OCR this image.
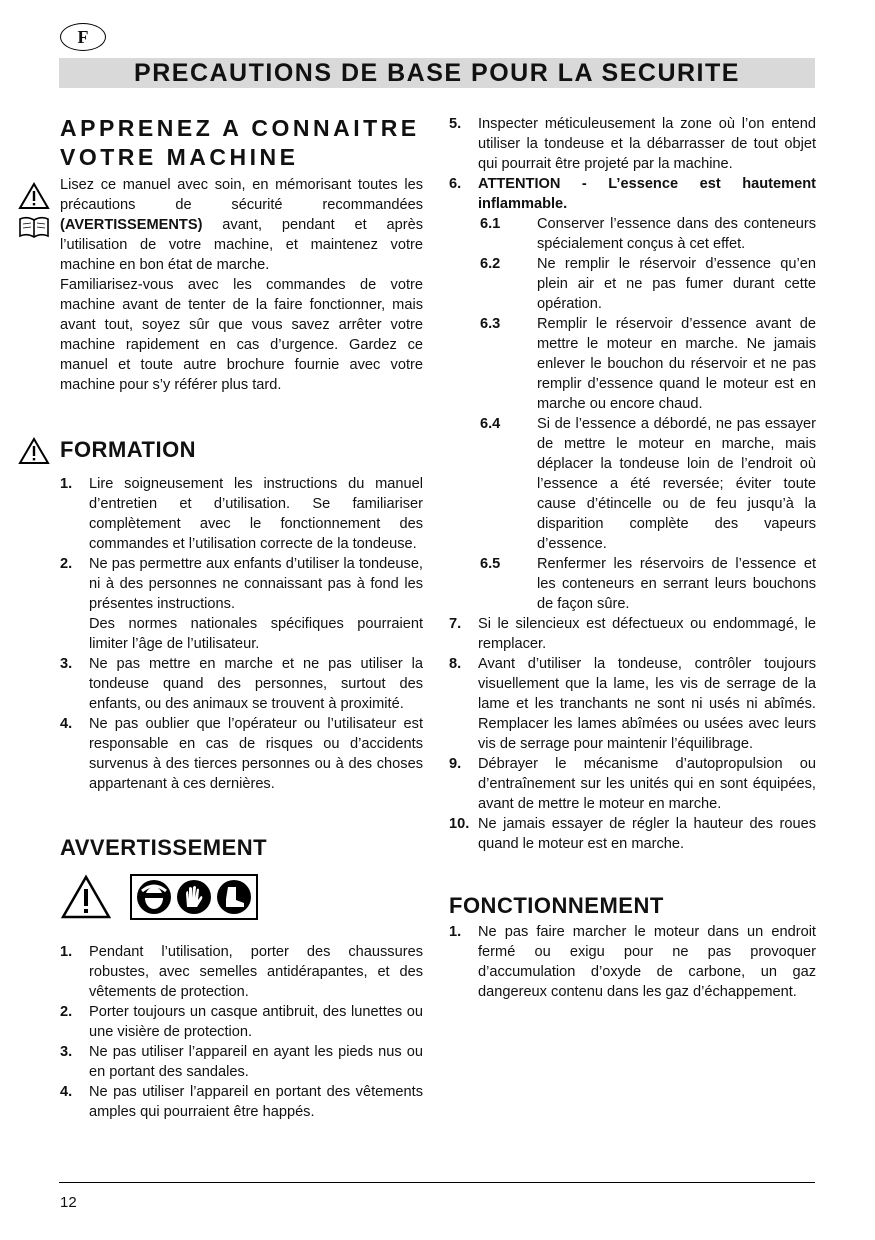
F
PRECAUTIONS DE BASE POUR LA SECURITE
APPRENEZ A CONNAITRE
VOTRE MACHINE

Lisez ce manuel avec soin, en mémorisant toutes les précautions de sécurité recommandées (AVERTISSEMENTS) avant, pendant et après l’utilisation de votre machine, et maintenez votre machine en bon état de marche.

Familiarisez-vous avec les commandes de votre machine avant de tenter de la faire fonctionner, mais avant tout, soyez sûr que vous savez arrêter votre machine rapidement en cas d’urgence. Gardez ce manuel et toute autre brochure fournie avec votre machine pour s’y référer plus tard.

FORMATION
1.	Lire soigneusement les instructions du manuel d’entretien et d’utilisation. Se familiariser complètement avec le fonctionnement des commandes et l’utilisation correcte de la tondeuse.
2.	Ne pas permettre aux enfants d’utiliser la tondeuse, ni à des personnes ne connaissant pas à fond les présentes instructions.
Des normes nationales spécifiques pourraient limiter l’âge de l’utilisateur.
3.	Ne pas mettre en marche et ne pas utiliser la tondeuse quand des personnes, surtout des enfants, ou des animaux se trouvent à proximité.
4.	Ne pas oublier que l’opérateur ou l’utilisateur est responsable en cas de risques ou d’accidents survenus à des tierces personnes ou à des choses appartenant à ces dernières.
AVVERTISSEMENT
1.	Pendant l’utilisation, porter des chaussures robustes, avec semelles antidérapantes, et des vêtements de protection.
2.	Porter toujours un casque antibruit, des lunettes ou une visière de protection.
3.	Ne pas utiliser l’appareil en ayant les pieds nus ou en portant des sandales.
4.	Ne pas utiliser l’appareil en portant des vêtements amples qui pourraient être happés.
5.	Inspecter méticuleusement la zone où l’on entend utiliser la tondeuse et la débarrasser de tout objet qui pourrait être projeté par la machine.
6.	ATTENTION - L’essence est hautement inflammable.
6.1	Conserver l’essence dans des conteneurs spécialement conçus à cet effet.
6.2	Ne remplir le réservoir d’essence qu’en plein air et ne pas fumer durant cette opération.
6.3	Remplir le réservoir d’essence avant de mettre le moteur en marche. Ne jamais enlever le bouchon du réservoir et ne pas remplir d’essence quand le moteur est en marche ou encore chaud.
6.4	Si de l’essence a débordé, ne pas essayer de mettre le moteur en marche, mais déplacer la tondeuse loin de l’endroit où l’essence a été reversée; éviter toute cause d’étincelle ou de feu jusqu’à la disparition complète des vapeurs d’essence.
6.5	Renfermer les réservoirs de l’essence et les conteneurs en serrant leurs bouchons de façon sûre.
7.	Si le silencieux est défectueux ou endommagé, le remplacer.
8.	Avant d’utiliser la tondeuse, contrôler toujours visuellement que la lame, les vis de serrage de la lame et les tranchants ne sont ni usés ni abîmés. Remplacer les lames abîmées ou usées avec leurs vis de serrage pour maintenir l’équilibrage.
9.	Débrayer le mécanisme d’autopropulsion ou d’entraînement sur les unités qui en sont équipées, avant de mettre le moteur en marche.
10. Ne jamais essayer de régler la hauteur des roues quand le moteur est en marche.
FONCTIONNEMENT
1.	Ne pas faire marcher le moteur dans un endroit fermé ou exigu pour ne pas provoquer d’accumulation d’oxyde de carbone, un gaz dangereux contenu dans les gaz d’échappement.
12
